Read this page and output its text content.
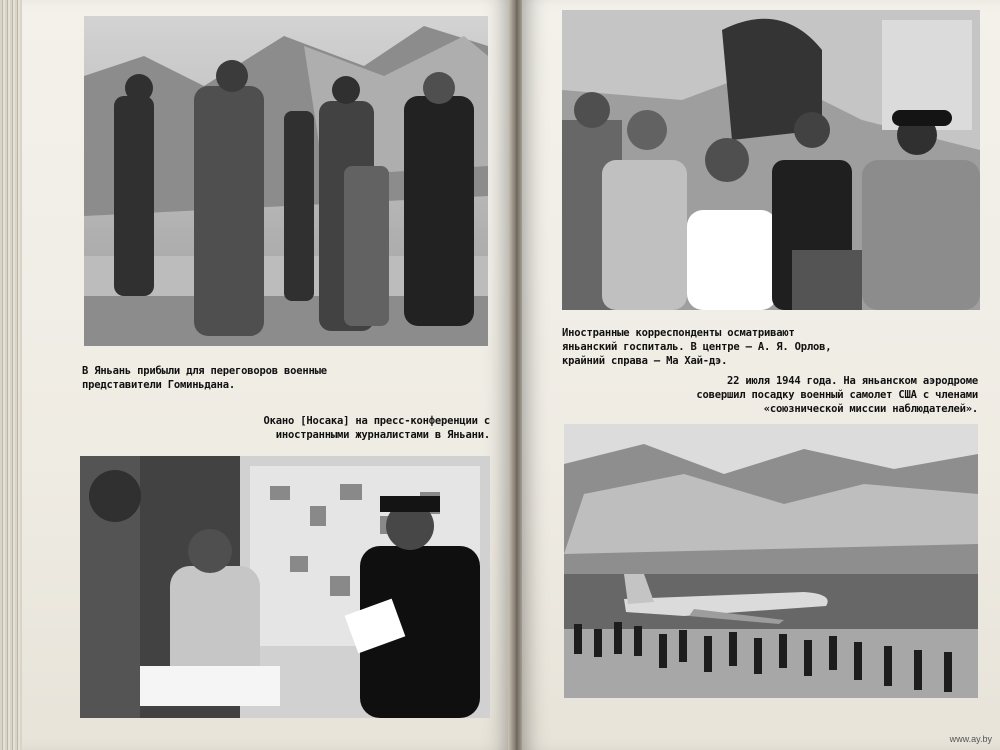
В Яньань прибыли для переговоров военные представители Гоминьдана.
Окано [Носака] на пресс-конференции с иностранными журналистами в Яньани.
Иностранные корреспонденты осматривают яньанский госпиталь. В центре — А. Я. Орлов, крайний справа — Ма Хай-дэ.
22 июля 1944 года. На яньанском аэродроме совершил посадку военный самолет США с членами «союзнической миссии наблюдателей».
www.ay.by
